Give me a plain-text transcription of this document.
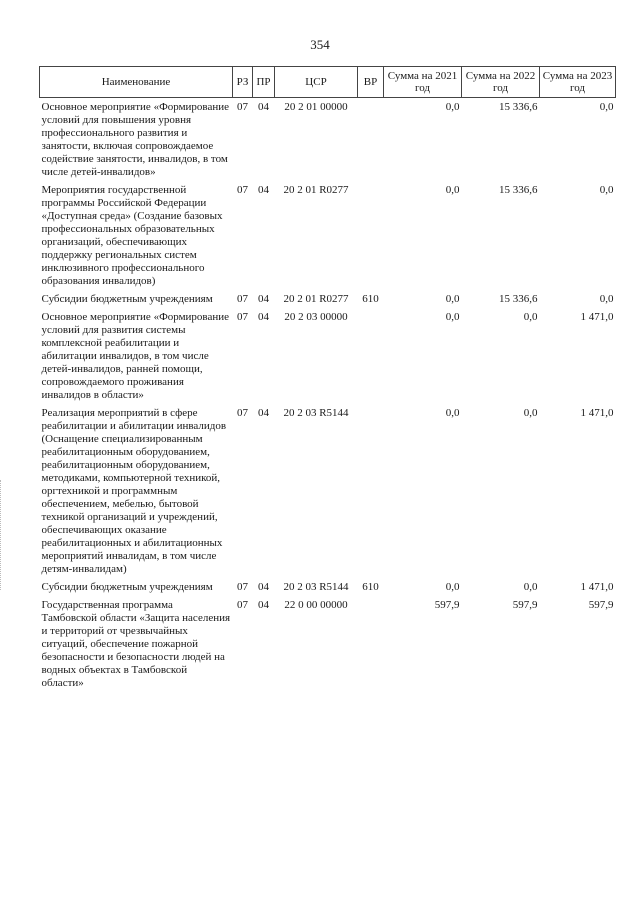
354
Наименование	РЗ	ПР	ЦСР	ВР	Сумма на 2021 год	Сумма на 2022 год	Сумма на 2023 год
Основное мероприятие «Формирование условий для повышения уровня профессионального развития и занятости, включая сопровождаемое содействие занятости, инвалидов, в том числе детей-инвалидов»	07	04	20 2 01 00000		0,0	15 336,6	0,0
Мероприятия государственной программы Российской Федерации «Доступная среда» (Создание базовых профессиональных образовательных организаций, обеспечивающих поддержку региональных систем инклюзивного профессионального образования инвалидов)	07	04	20 2 01 R0277		0,0	15 336,6	0,0
Субсидии бюджетным учреждениям	07	04	20 2 01 R0277	610	0,0	15 336,6	0,0
Основное мероприятие «Формирование условий для развития системы комплексной реабилитации и абилитации инвалидов, в том числе детей-инвалидов, ранней помощи, сопровождаемого проживания инвалидов в области»	07	04	20 2 03 00000		0,0	0,0	1 471,0
Реализация мероприятий в сфере реабилитации и абилитации инвалидов (Оснащение специализированным реабилитационным оборудованием, реабилитационным оборудованием, методиками, компьютерной техникой, оргтехникой и программным обеспечением, мебелью, бытовой техникой организаций и учреждений, обеспечивающих оказание реабилитационных и абилитационных мероприятий инвалидам, в том числе детям-инвалидам)	07	04	20 2 03 R5144		0,0	0,0	1 471,0
Субсидии бюджетным учреждениям	07	04	20 2 03 R5144	610	0,0	0,0	1 471,0
Государственная программа Тамбовской области «Защита населения и территорий от чрезвычайных ситуаций, обеспечение пожарной безопасности и безопасности людей на водных объектах в Тамбовской области»	07	04	22 0 00 00000		597,9	597,9	597,9
